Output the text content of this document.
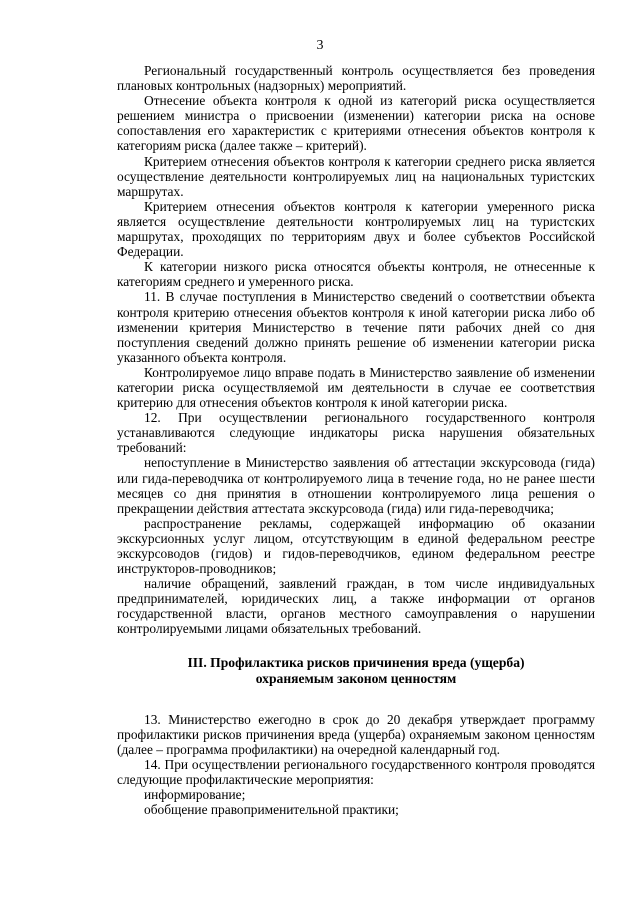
3

Региональный государственный контроль осуществляется без проведения плановых контрольных (надзорных) мероприятий.

Отнесение объекта контроля к одной из категорий риска осуществляется решением министра о присвоении (изменении) категории риска на основе сопоставления его характеристик с критериями отнесения объектов контроля к категориям риска (далее также – критерий).

Критерием отнесения объектов контроля к категории среднего риска является осуществление деятельности контролируемых лиц на национальных туристских маршрутах.

Критерием отнесения объектов контроля к категории умеренного риска является осуществление деятельности контролируемых лиц на туристских маршрутах, проходящих по территориям двух и более субъектов Российской Федерации.

К категории низкого риска относятся объекты контроля, не отнесенные к категориям среднего и умеренного риска.

11. В случае поступления в Министерство сведений о соответствии объекта контроля критерию отнесения объектов контроля к иной категории риска либо об изменении критерия Министерство в течение пяти рабочих дней со дня поступления сведений должно принять решение об изменении категории риска указанного объекта контроля.

Контролируемое лицо вправе подать в Министерство заявление об изменении категории риска осуществляемой им деятельности в случае ее соответствия критерию для отнесения объектов контроля к иной категории риска.

12. При осуществлении регионального государственного контроля устанавливаются следующие индикаторы риска нарушения обязательных требований:

непоступление в Министерство заявления об аттестации экскурсовода (гида) или гида-переводчика от контролируемого лица в течение года, но не ранее шести месяцев со дня принятия в отношении контролируемого лица решения о прекращении действия аттестата экскурсовода (гида) или гида-переводчика;

распространение рекламы, содержащей информацию об оказании экскурсионных услуг лицом, отсутствующим в единой федеральном реестре экскурсоводов (гидов) и гидов-переводчиков, едином федеральном реестре инструкторов-проводников;

наличие обращений, заявлений граждан, в том числе индивидуальных предпринимателей, юридических лиц, а также информации от органов государственной власти, органов местного самоуправления о нарушении контролируемыми лицами обязательных требований.

III. Профилактика рисков причинения вреда (ущерба)
охраняемым законом ценностям

13. Министерство ежегодно в срок до 20 декабря утверждает программу профилактики рисков причинения вреда (ущерба) охраняемым законом ценностям (далее – программа профилактики) на очередной календарный год.

14. При осуществлении регионального государственного контроля проводятся следующие профилактические мероприятия:

информирование;

обобщение правоприменительной практики;
